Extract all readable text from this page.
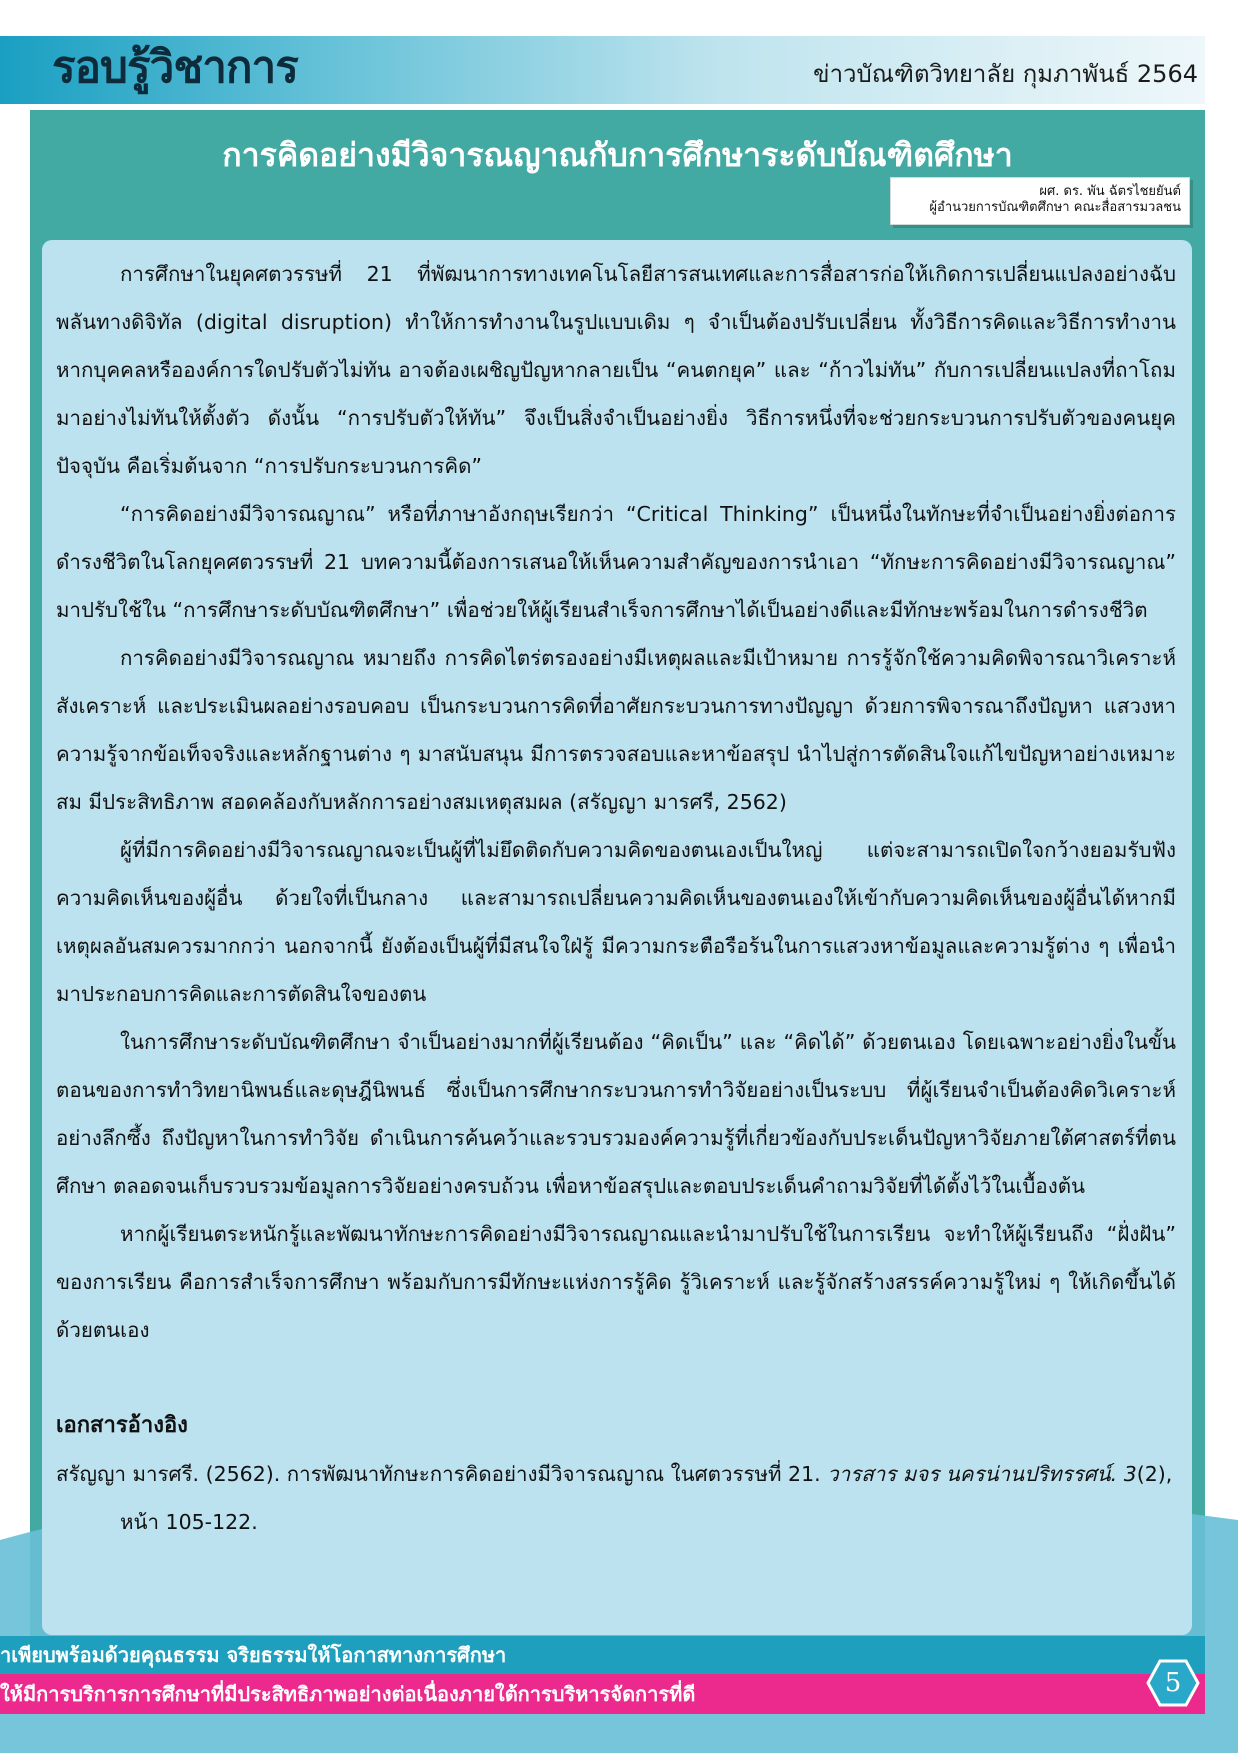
รอบรู้วิชาการ	ข่าวบัณฑิตวิทยาลัย กุมภาพันธ์ 2564
การคิดอย่างมีวิจารณญาณกับการศึกษาระดับบัณฑิตศึกษา
ผศ. ดร. พัน ฉัตรไชยยันต์
ผู้อำนวยการบัณฑิตศึกษา คณะสื่อสารมวลชน

การศึกษาในยุคศตวรรษที่ 21 ที่พัฒนาการทางเทคโนโลยีสารสนเทศและการสื่อสารก่อให้เกิดการเปลี่ยนแปลงอย่างฉับพลันทางดิจิทัล (digital disruption) ทำให้การทำงานในรูปแบบเดิม ๆ จำเป็นต้องปรับเปลี่ยน ทั้งวิธีการคิดและวิธีการทำงาน หากบุคคลหรือองค์การใดปรับตัวไม่ทัน อาจต้องเผชิญปัญหากลายเป็น “คนตกยุค” และ “ก้าวไม่ทัน” กับการเปลี่ยนแปลงที่ถาโถมมาอย่างไม่ทันให้ตั้งตัว ดังนั้น “การปรับตัวให้ทัน” จึงเป็นสิ่งจำเป็นอย่างยิ่ง วิธีการหนึ่งที่จะช่วยกระบวนการปรับตัวของคนยุคปัจจุบัน คือเริ่มต้นจาก “การปรับกระบวนการคิด”

“การคิดอย่างมีวิจารณญาณ” หรือที่ภาษาอังกฤษเรียกว่า “Critical Thinking” เป็นหนึ่งในทักษะที่จำเป็นอย่างยิ่งต่อการดำรงชีวิตในโลกยุคศตวรรษที่ 21 บทความนี้ต้องการเสนอให้เห็นความสำคัญของการนำเอา “ทักษะการคิดอย่างมีวิจารณญาณ” มาปรับใช้ใน “การศึกษาระดับบัณฑิตศึกษา” เพื่อช่วยให้ผู้เรียนสำเร็จการศึกษาได้เป็นอย่างดีและมีทักษะพร้อมในการดำรงชีวิต

การคิดอย่างมีวิจารณญาณ หมายถึง การคิดไตร่ตรองอย่างมีเหตุผลและมีเป้าหมาย การรู้จักใช้ความคิดพิจารณาวิเคราะห์ สังเคราะห์ และประเมินผลอย่างรอบคอบ เป็นกระบวนการคิดที่อาศัยกระบวนการทางปัญญา ด้วยการพิจารณาถึงปัญหา แสวงหาความรู้จากข้อเท็จจริงและหลักฐานต่าง ๆ มาสนับสนุน มีการตรวจสอบและหาข้อสรุป นำไปสู่การตัดสินใจแก้ไขปัญหาอย่างเหมาะสม มีประสิทธิภาพ สอดคล้องกับหลักการอย่างสมเหตุสมผล (สรัญญา มารศรี, 2562)

ผู้ที่มีการคิดอย่างมีวิจารณญาณจะเป็นผู้ที่ไม่ยึดติดกับความคิดของตนเองเป็นใหญ่ แต่จะสามารถเปิดใจกว้างยอมรับฟังความคิดเห็นของผู้อื่น ด้วยใจที่เป็นกลาง และสามารถเปลี่ยนความคิดเห็นของตนเองให้เข้ากับความคิดเห็นของผู้อื่นได้หากมีเหตุผลอันสมควรมากกว่า นอกจากนี้ ยังต้องเป็นผู้ที่มีสนใจใฝ่รู้ มีความกระตือรือร้นในการแสวงหาข้อมูลและความรู้ต่าง ๆ เพื่อนำมาประกอบการคิดและการตัดสินใจของตน

ในการศึกษาระดับบัณฑิตศึกษา จำเป็นอย่างมากที่ผู้เรียนต้อง “คิดเป็น” และ “คิดได้” ด้วยตนเอง โดยเฉพาะอย่างยิ่งในขั้นตอนของการทำวิทยานิพนธ์และดุษฎีนิพนธ์ ซึ่งเป็นการศึกษากระบวนการทำวิจัยอย่างเป็นระบบ ที่ผู้เรียนจำเป็นต้องคิดวิเคราะห์อย่างลึกซึ้ง ถึงปัญหาในการทำวิจัย ดำเนินการค้นคว้าและรวบรวมองค์ความรู้ที่เกี่ยวข้องกับประเด็นปัญหาวิจัยภายใต้ศาสตร์ที่ตนศึกษา ตลอดจนเก็บรวบรวมข้อมูลการวิจัยอย่างครบถ้วน เพื่อหาข้อสรุปและตอบประเด็นคำถามวิจัยที่ได้ตั้งไว้ในเบื้องต้น

หากผู้เรียนตระหนักรู้และพัฒนาทักษะการคิดอย่างมีวิจารณญาณและนำมาปรับใช้ในการเรียน จะทำให้ผู้เรียนถึง “ฝั่งฝัน” ของการเรียน คือการสำเร็จการศึกษา พร้อมกับการมีทักษะแห่งการรู้คิด รู้วิเคราะห์ และรู้จักสร้างสรรค์ความรู้ใหม่ ๆ ให้เกิดขึ้นได้ด้วยตนเอง

เอกสารอ้างอิง
สรัญญา มารศรี. (2562). การพัฒนาทักษะการคิดอย่างมีวิจารณญาณ ในศตวรรษที่ 21. วารสาร มจร นครน่านปริทรรศน์. 3(2), หน้า 105-122.
ำเพียบพร้อมด้วยคุณธรรม จริยธรรมให้โอกาสทางการศึกษา
ให้มีการบริการการศึกษาที่มีประสิทธิภาพอย่างต่อเนื่องภายใต้การบริหารจัดการที่ดี	5
